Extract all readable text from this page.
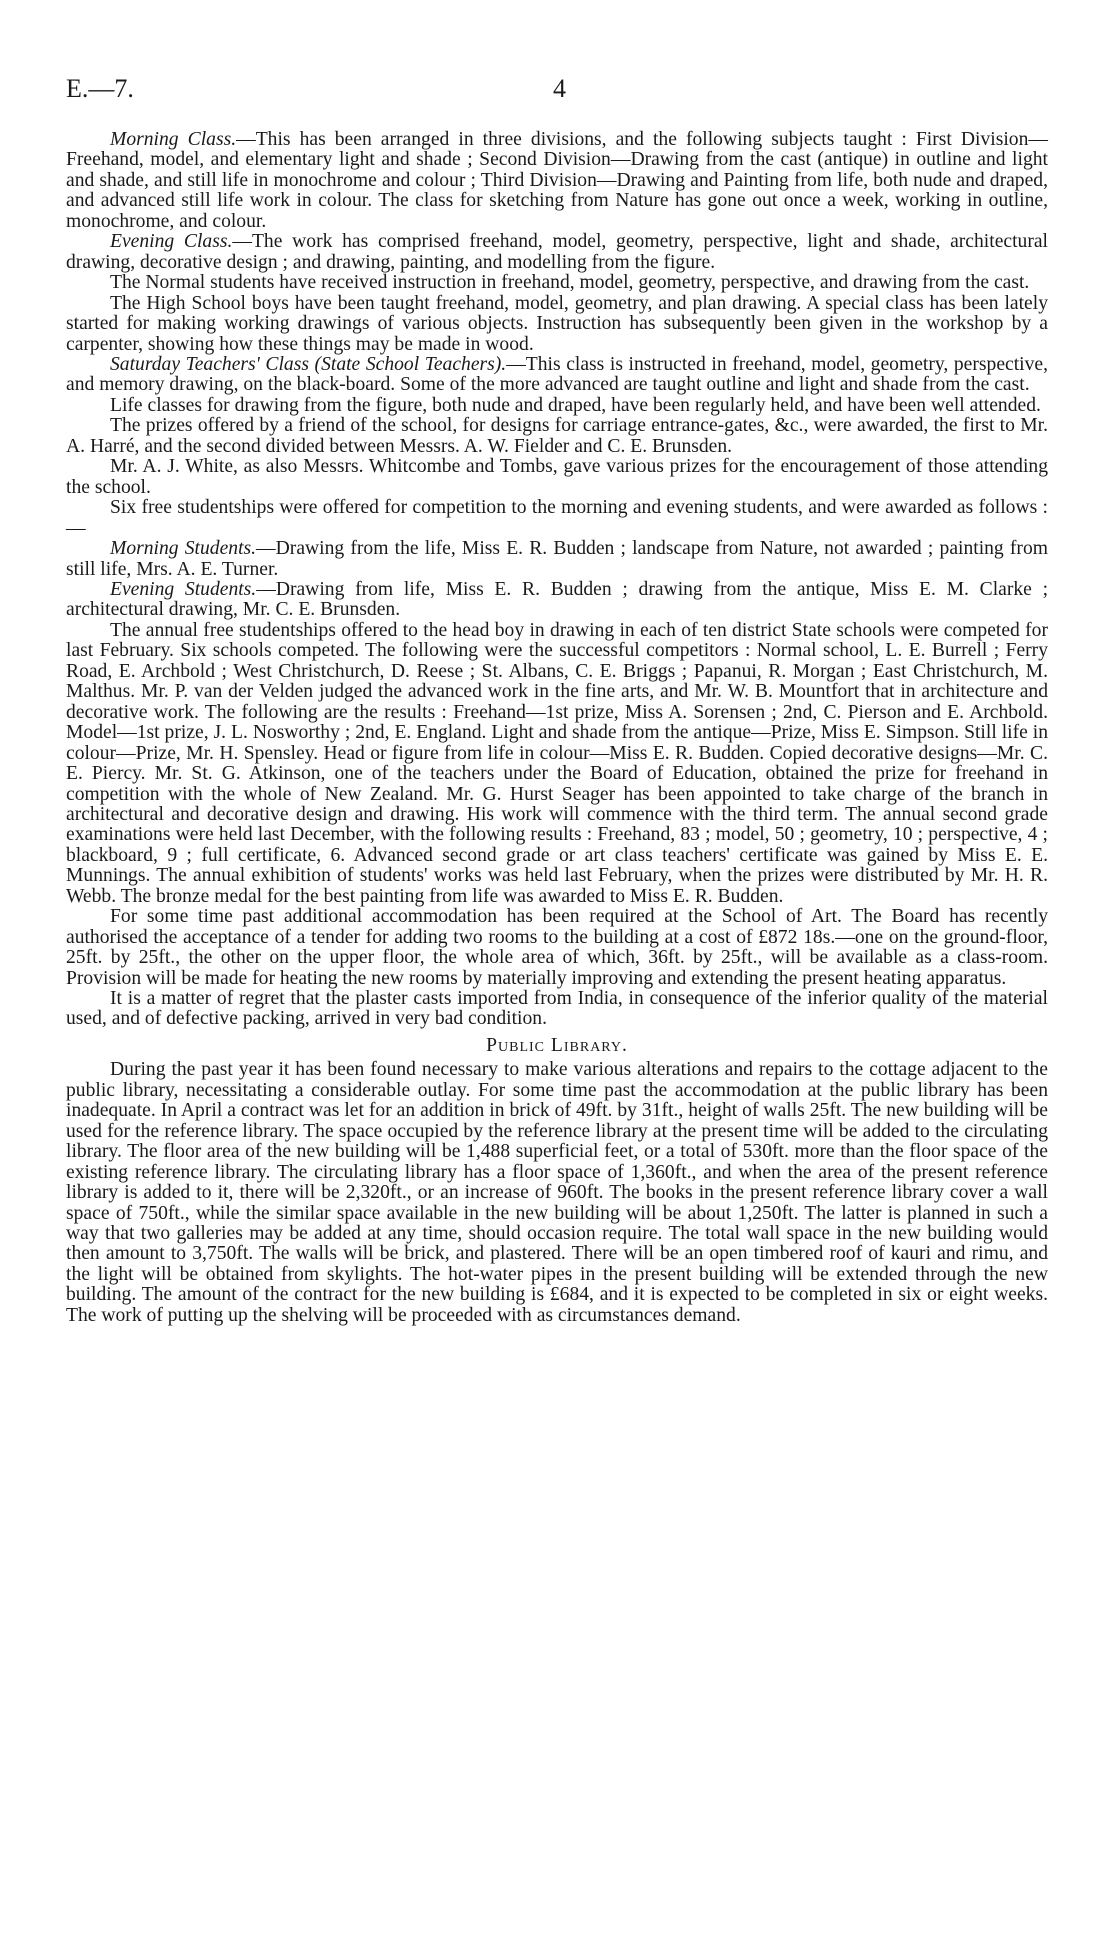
E.—7.	4

Morning Class.—This has been arranged in three divisions, and the following subjects taught : First Division—Freehand, model, and elementary light and shade ; Second Division—Drawing from the cast (antique) in outline and light and shade, and still life in monochrome and colour ; Third Division—Drawing and Painting from life, both nude and draped, and advanced still life work in colour. The class for sketching from Nature has gone out once a week, working in outline, monochrome, and colour.

Evening Class.—The work has comprised freehand, model, geometry, perspective, light and shade, architectural drawing, decorative design ; and drawing, painting, and modelling from the figure.

The Normal students have received instruction in freehand, model, geometry, perspective, and drawing from the cast.

The High School boys have been taught freehand, model, geometry, and plan drawing. A special class has been lately started for making working drawings of various objects. Instruction has subsequently been given in the workshop by a carpenter, showing how these things may be made in wood.

Saturday Teachers' Class (State School Teachers).—This class is instructed in freehand, model, geometry, perspective, and memory drawing, on the black-board. Some of the more advanced are taught outline and light and shade from the cast.

Life classes for drawing from the figure, both nude and draped, have been regularly held, and have been well attended.

The prizes offered by a friend of the school, for designs for carriage entrance-gates, &c., were awarded, the first to Mr. A. Harré, and the second divided between Messrs. A. W. Fielder and C. E. Brunsden.

Mr. A. J. White, as also Messrs. Whitcombe and Tombs, gave various prizes for the encouragement of those attending the school.

Six free studentships were offered for competition to the morning and evening students, and were awarded as follows :—

Morning Students.—Drawing from the life, Miss E. R. Budden ; landscape from Nature, not awarded ; painting from still life, Mrs. A. E. Turner.

Evening Students.—Drawing from life, Miss E. R. Budden ; drawing from the antique, Miss E. M. Clarke ; architectural drawing, Mr. C. E. Brunsden.

The annual free studentships offered to the head boy in drawing in each of ten district State schools were competed for last February. Six schools competed. The following were the successful competitors : Normal school, L. E. Burrell ; Ferry Road, E. Archbold ; West Christchurch, D. Reese ; St. Albans, C. E. Briggs ; Papanui, R. Morgan ; East Christchurch, M. Malthus. Mr. P. van der Velden judged the advanced work in the fine arts, and Mr. W. B. Mountfort that in architecture and decorative work. The following are the results : Freehand—1st prize, Miss A. Sorensen ; 2nd, C. Pierson and E. Archbold. Model—1st prize, J. L. Nosworthy ; 2nd, E. England. Light and shade from the antique—Prize, Miss E. Simpson. Still life in colour—Prize, Mr. H. Spensley. Head or figure from life in colour—Miss E. R. Budden. Copied decorative designs—Mr. C. E. Piercy. Mr. St. G. Atkinson, one of the teachers under the Board of Education, obtained the prize for freehand in competition with the whole of New Zealand. Mr. G. Hurst Seager has been appointed to take charge of the branch in architectural and decorative design and drawing. His work will commence with the third term. The annual second grade examinations were held last December, with the following results : Freehand, 83 ; model, 50 ; geometry, 10 ; perspective, 4 ; blackboard, 9 ; full certificate, 6. Advanced second grade or art class teachers' certificate was gained by Miss E. E. Munnings. The annual exhibition of students' works was held last February, when the prizes were distributed by Mr. H. R. Webb. The bronze medal for the best painting from life was awarded to Miss E. R. Budden.

For some time past additional accommodation has been required at the School of Art. The Board has recently authorised the acceptance of a tender for adding two rooms to the building at a cost of £872 18s.—one on the ground-floor, 25ft. by 25ft., the other on the upper floor, the whole area of which, 36ft. by 25ft., will be available as a class-room. Provision will be made for heating the new rooms by materially improving and extending the present heating apparatus.

It is a matter of regret that the plaster casts imported from India, in consequence of the inferior quality of the material used, and of defective packing, arrived in very bad condition.

Public Library.

During the past year it has been found necessary to make various alterations and repairs to the cottage adjacent to the public library, necessitating a considerable outlay. For some time past the accommodation at the public library has been inadequate. In April a contract was let for an addition in brick of 49ft. by 31ft., height of walls 25ft. The new building will be used for the reference library. The space occupied by the reference library at the present time will be added to the circulating library. The floor area of the new building will be 1,488 superficial feet, or a total of 530ft. more than the floor space of the existing reference library. The circulating library has a floor space of 1,360ft., and when the area of the present reference library is added to it, there will be 2,320ft., or an increase of 960ft. The books in the present reference library cover a wall space of 750ft., while the similar space available in the new building will be about 1,250ft. The latter is planned in such a way that two galleries may be added at any time, should occasion require. The total wall space in the new building would then amount to 3,750ft. The walls will be brick, and plastered. There will be an open timbered roof of kauri and rimu, and the light will be obtained from skylights. The hot-water pipes in the present building will be extended through the new building. The amount of the contract for the new building is £684, and it is expected to be completed in six or eight weeks. The work of putting up the shelving will be proceeded with as circumstances demand.
